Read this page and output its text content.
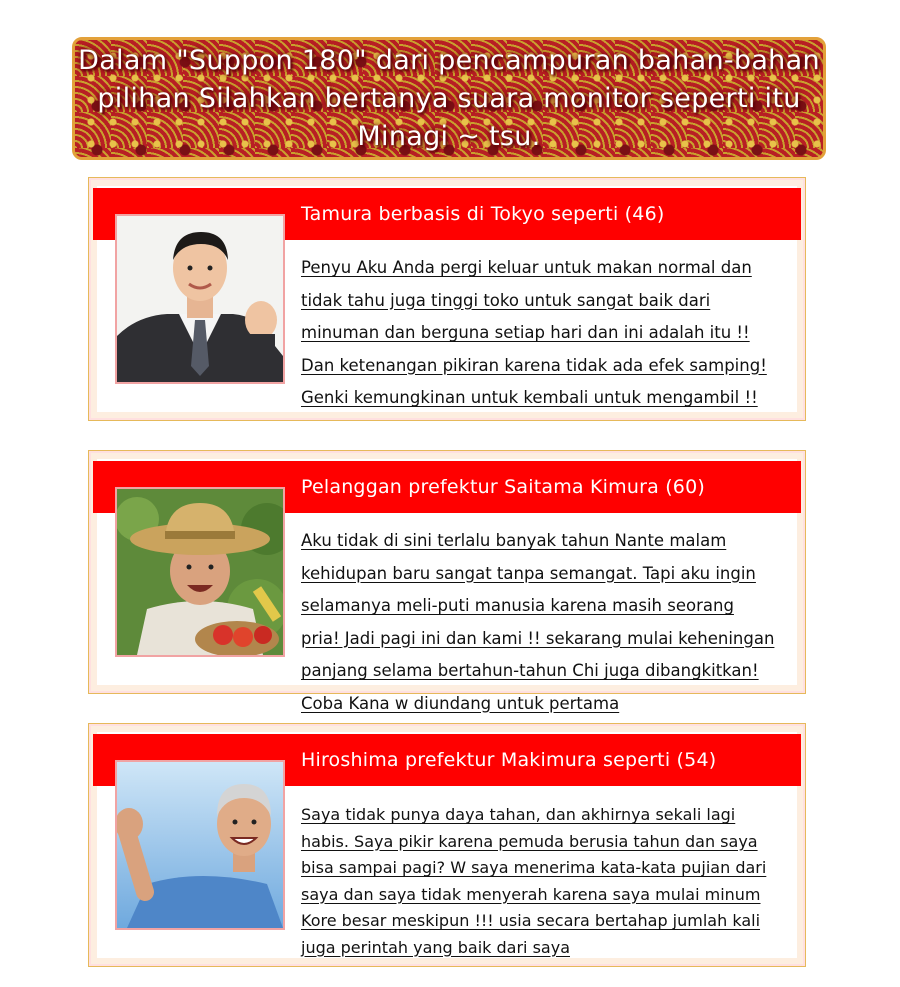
Dalam "Suppon 180" dari pencampuran bahan-bahan pilihan Silahkan bertanya suara monitor seperti itu Minagi ~ tsu.

Tamura berbasis di Tokyo seperti (46)

Penyu Aku Anda pergi keluar untuk makan normal dan tidak tahu juga tinggi toko untuk sangat baik dari minuman dan berguna setiap hari dan ini adalah itu !! Dan ketenangan pikiran karena tidak ada efek samping! Genki kemungkinan untuk kembali untuk mengambil !!

Pelanggan prefektur Saitama Kimura (60)

Aku tidak di sini terlalu banyak tahun Nante malam kehidupan baru sangat tanpa semangat. Tapi aku ingin selamanya meli-puti manusia karena masih seorang pria! Jadi pagi ini dan kami !! sekarang mulai keheningan panjang selama bertahun-tahun Chi juga dibangkitkan! Coba Kana w diundang untuk pertama

Hiroshima prefektur Makimura seperti (54)

Saya tidak punya daya tahan, dan akhirnya sekali lagi habis. Saya pikir karena pemuda berusia tahun dan saya bisa sampai pagi? W saya menerima kata-kata pujian dari saya dan saya tidak menyerah karena saya mulai minum Kore besar meskipun !!! usia secara bertahap jumlah kali juga perintah yang baik dari saya
